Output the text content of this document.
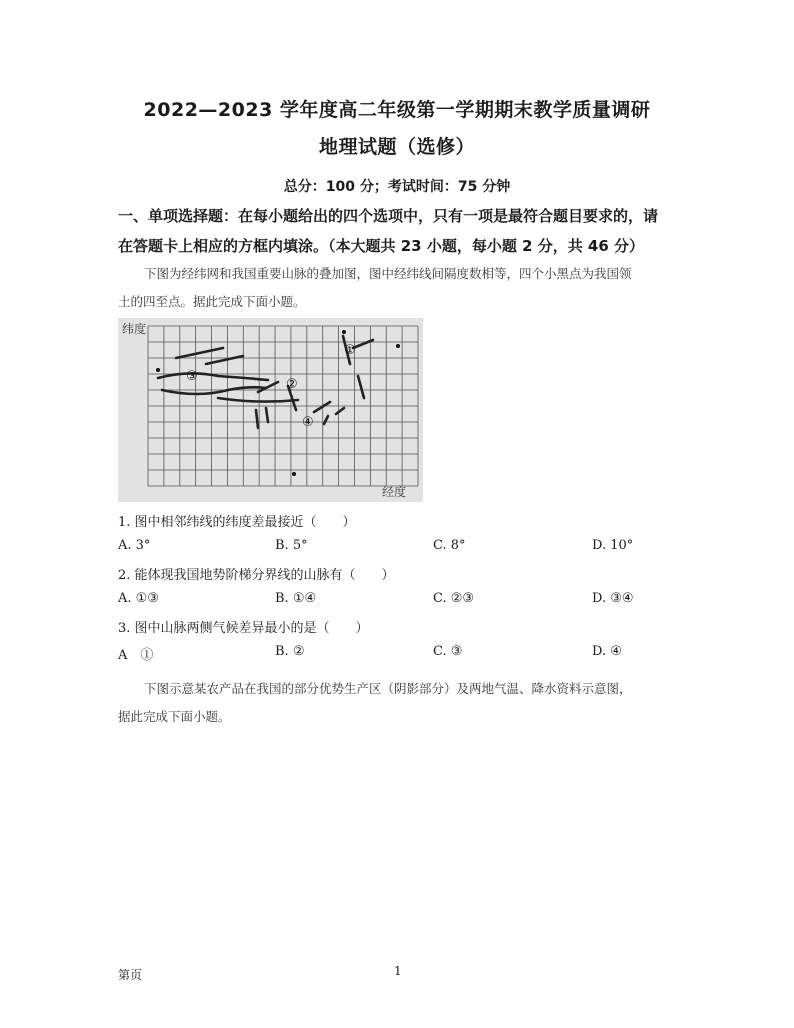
2022—2023 学年度高二年级第一学期期末教学质量调研
地理试题（选修）
总分：100 分；考试时间：75 分钟
一、单项选择题：在每小题给出的四个选项中，只有一项是最符合题目要求的，请
在答题卡上相应的方框内填涂。（本大题共 23 小题，每小题 2 分，共 46 分）
下图为经纬网和我国重要山脉的叠加图，图中经纬线间隔度数相等，四个小黑点为我国领
土的四至点。据此完成下面小题。
纬度
经度
①
②
③
④
1. 图中相邻纬线的纬度差最接近（　　）
A. 3°	B. 5°	C. 8°	D. 10°
2. 能体现我国地势阶梯分界线的山脉有（　　）
A. ①③	B. ①④	C. ②③	D. ③④
3. 图中山脉两侧气候差异最小的是（　　）
A　①	B. ②	C. ③	D. ④
下图示意某农产品在我国的部分优势生产区（阴影部分）及两地气温、降水资料示意图，
据此完成下面小题。
第页	1
